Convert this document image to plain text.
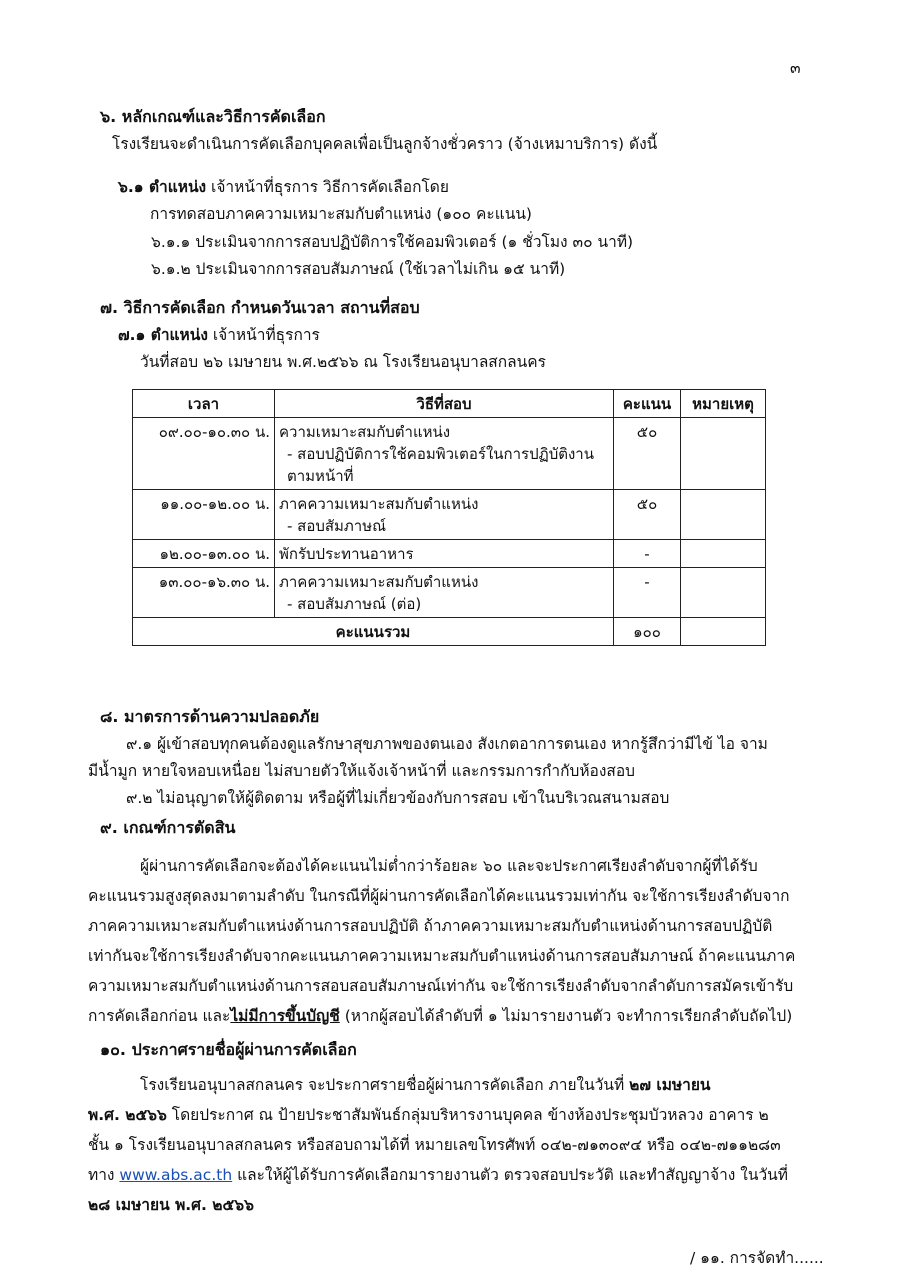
๓
๖. หลักเกณฑ์และวิธีการคัดเลือก
โรงเรียนจะดำเนินการคัดเลือกบุคคลเพื่อเป็นลูกจ้างชั่วคราว (จ้างเหมาบริการ) ดังนี้
๖.๑ ตำแหน่ง เจ้าหน้าที่ธุรการ วิธีการคัดเลือกโดย
การทดสอบภาคความเหมาะสมกับตำแหน่ง (๑๐๐ คะแนน)
๖.๑.๑ ประเมินจากการสอบปฏิบัติการใช้คอมพิวเตอร์ (๑ ชั่วโมง ๓๐ นาที)
๖.๑.๒ ประเมินจากการสอบสัมภาษณ์ (ใช้เวลาไม่เกิน ๑๕ นาที)
๗. วิธีการคัดเลือก กำหนดวันเวลา สถานที่สอบ
๗.๑ ตำแหน่ง เจ้าหน้าที่ธุรการ
วันที่สอบ ๒๖ เมษายน พ.ศ.๒๕๖๖ ณ โรงเรียนอนุบาลสกลนคร
เวลา	วิธีที่สอบ	คะแนน	หมายเหตุ
๐๙.๐๐-๑๐.๓๐ น.	ความเหมาะสมกับตำแหน่ง
- สอบปฏิบัติการใช้คอมพิวเตอร์ในการปฏิบัติงาน
ตามหน้าที่	๕๐	
๑๑.๐๐-๑๒.๐๐ น.	ภาคความเหมาะสมกับตำแหน่ง
- สอบสัมภาษณ์	๕๐	
๑๒.๐๐-๑๓.๐๐ น.	พักรับประทานอาหาร	-	
๑๓.๐๐-๑๖.๓๐ น.	ภาคความเหมาะสมกับตำแหน่ง
- สอบสัมภาษณ์ (ต่อ)	-	
คะแนนรวม		๑๐๐	
๘. มาตรการด้านความปลอดภัย
๙.๑ ผู้เข้าสอบทุกคนต้องดูแลรักษาสุขภาพของตนเอง สังเกตอาการตนเอง หากรู้สึกว่ามีไข้ ไอ จาม
มีน้ำมูก หายใจหอบเหนื่อย ไม่สบายตัวให้แจ้งเจ้าหน้าที่ และกรรมการกำกับห้องสอบ
๙.๒ ไม่อนุญาตให้ผู้ติดตาม หรือผู้ที่ไม่เกี่ยวข้องกับการสอบ เข้าในบริเวณสนามสอบ
๙. เกณฑ์การตัดสิน
ผู้ผ่านการคัดเลือกจะต้องได้คะแนนไม่ต่ำกว่าร้อยละ ๖๐ และจะประกาศเรียงลำดับจากผู้ที่ได้รับ
คะแนนรวมสูงสุดลงมาตามลำดับ ในกรณีที่ผู้ผ่านการคัดเลือกได้คะแนนรวมเท่ากัน จะใช้การเรียงลำดับจาก
ภาคความเหมาะสมกับตำแหน่งด้านการสอบปฏิบัติ ถ้าภาคความเหมาะสมกับตำแหน่งด้านการสอบปฏิบัติ
เท่ากันจะใช้การเรียงลำดับจากคะแนนภาคความเหมาะสมกับตำแหน่งด้านการสอบสัมภาษณ์ ถ้าคะแนนภาค
ความเหมาะสมกับตำแหน่งด้านการสอบสอบสัมภาษณ์เท่ากัน จะใช้การเรียงลำดับจากลำดับการสมัครเข้ารับ
การคัดเลือกก่อน และไม่มีการขึ้นบัญชี (หากผู้สอบได้ลำดับที่ ๑ ไม่มารายงานตัว จะทำการเรียกลำดับถัดไป)
๑๐. ประกาศรายชื่อผู้ผ่านการคัดเลือก
โรงเรียนอนุบาลสกลนคร จะประกาศรายชื่อผู้ผ่านการคัดเลือก ภายในวันที่ ๒๗ เมษายน
พ.ศ. ๒๕๖๖ โดยประกาศ ณ ป้ายประชาสัมพันธ์กลุ่มบริหารงานบุคคล ข้างห้องประชุมบัวหลวง อาคาร ๒
ชั้น ๑ โรงเรียนอนุบาลสกลนคร หรือสอบถามได้ที่ หมายเลขโทรศัพท์ ๐๔๒-๗๑๓๐๙๔ หรือ ๐๔๒-๗๑๑๒๘๓
ทาง www.abs.ac.th และให้ผู้ได้รับการคัดเลือกมารายงานตัว ตรวจสอบประวัติ และทำสัญญาจ้าง ในวันที่
๒๘ เมษายน พ.ศ. ๒๕๖๖
/ ๑๑. การจัดทำ......
